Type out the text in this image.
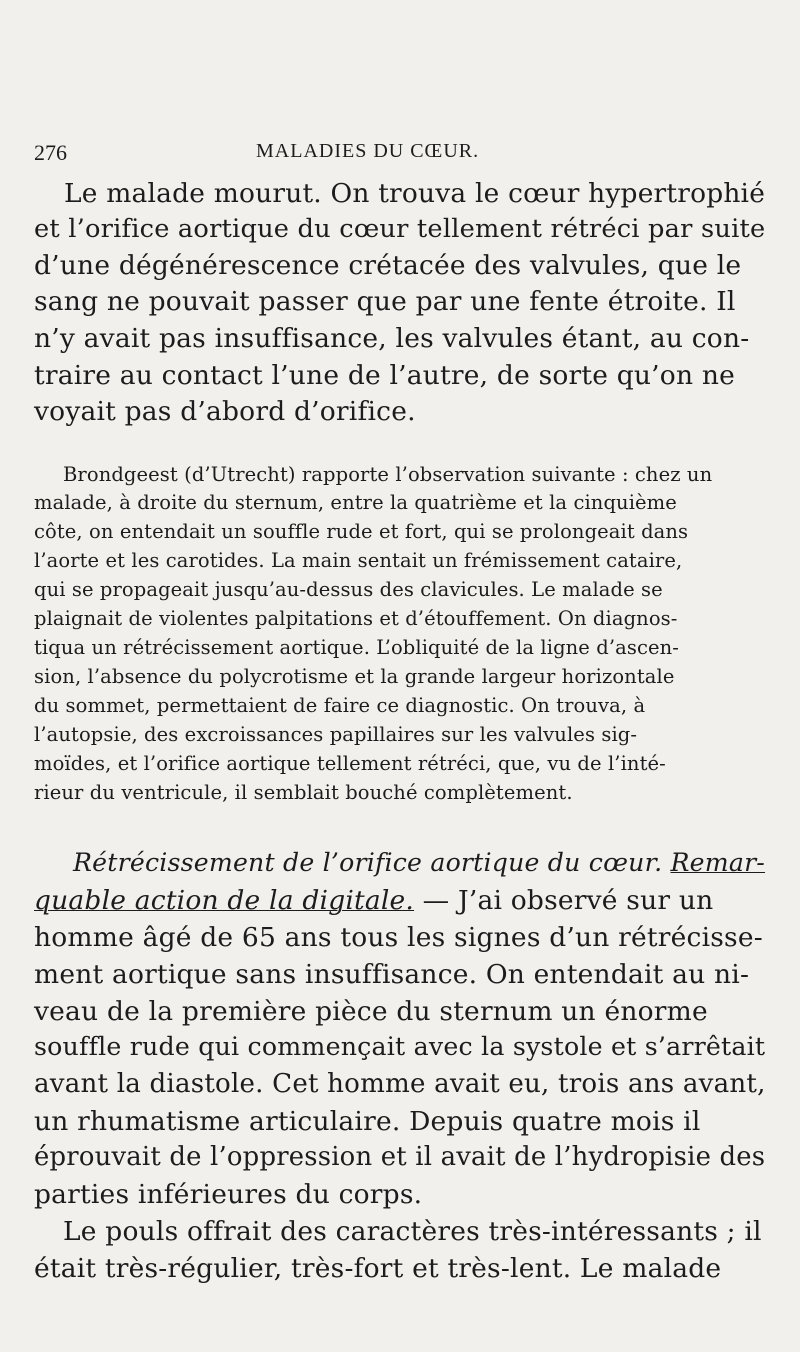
276	MALADIES DU CŒUR.
Le malade mourut. On trouva le cœur hypertrophié
et l’orifice aortique du cœur tellement rétréci par suite
d’une dégénérescence crétacée des valvules, que le
sang ne pouvait passer que par une fente étroite. Il
n’y avait pas insuffisance, les valvules étant, au con-
traire au contact l’une de l’autre, de sorte qu’on ne
voyait pas d’abord d’orifice.
Brondgeest (d’Utrecht) rapporte l’observation suivante : chez un
malade, à droite du sternum, entre la quatrième et la cinquième
côte, on entendait un souffle rude et fort, qui se prolongeait dans
l’aorte et les carotides. La main sentait un frémissement cataire,
qui se propageait jusqu’au-dessus des clavicules. Le malade se
plaignait de violentes palpitations et d’étouffement. On diagnos-
tiqua un rétrécissement aortique. L’obliquité de la ligne d’ascen-
sion, l’absence du polycrotisme et la grande largeur horizontale
du sommet, permettaient de faire ce diagnostic. On trouva, à
l’autopsie, des excroissances papillaires sur les valvules sig-
moïdes, et l’orifice aortique tellement rétréci, que, vu de l’inté-
rieur du ventricule, il semblait bouché complètement.
Rétrécissement de l’orifice aortique du cœur. Remar-
quable action de la digitale. — J’ai observé sur un
homme âgé de 65 ans tous les signes d’un rétrécisse-
ment aortique sans insuffisance. On entendait au ni-
veau de la première pièce du sternum un énorme
souffle rude qui commençait avec la systole et s’arrêtait
avant la diastole. Cet homme avait eu, trois ans avant,
un rhumatisme articulaire. Depuis quatre mois il
éprouvait de l’oppression et il avait de l’hydropisie des
parties inférieures du corps.
Le pouls offrait des caractères très-intéressants ; il
était très-régulier, très-fort et très-lent. Le malade
